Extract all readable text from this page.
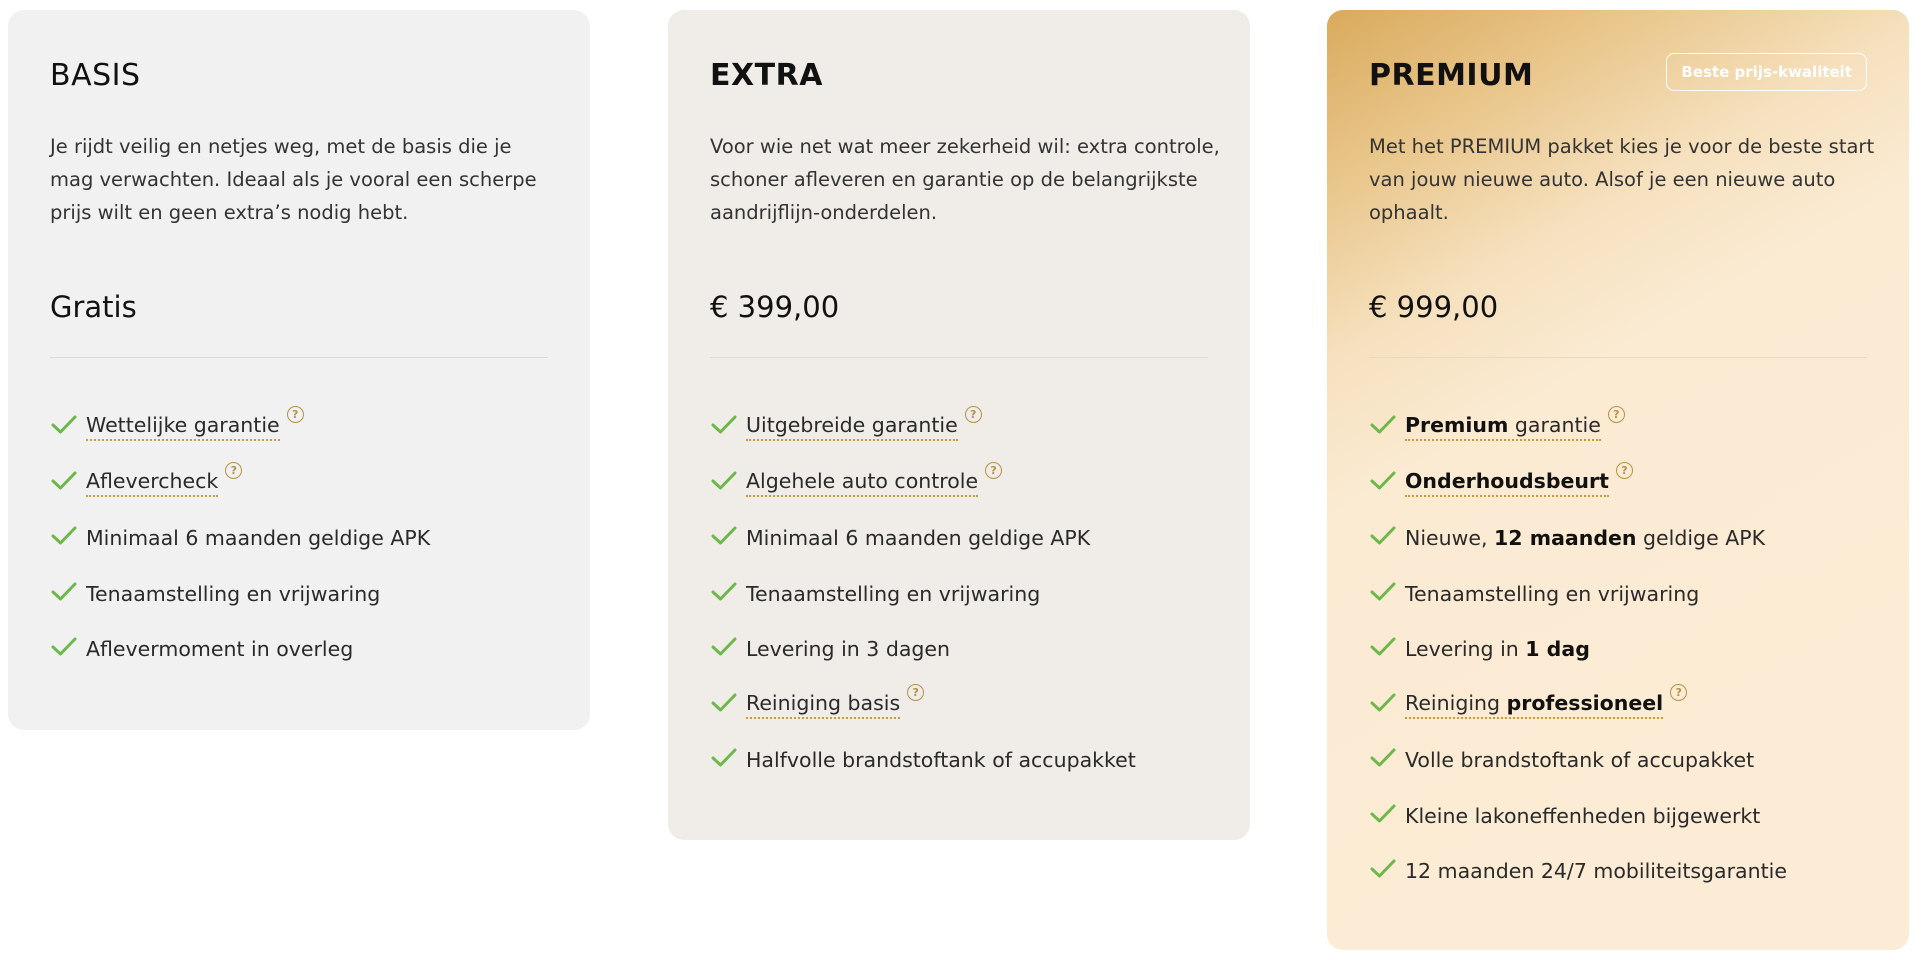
BASIS

Je rijdt veilig en netjes weg, met de basis die je mag verwachten. Ideaal als je vooral een scherpe prijs wilt en geen extra’s nodig hebt.

Gratis
Wettelijke garantie	?
Aflevercheck	?
Minimaal 6 maanden geldige APK
Tenaamstelling en vrijwaring
Aflevermoment in overleg
EXTRA

Voor wie net wat meer zekerheid wil: extra controle, schoner afleveren en garantie op de belangrijkste aandrijflijn-onderdelen.

€ 399,00
Uitgebreide garantie	?
Algehele auto controle	?
Minimaal 6 maanden geldige APK
Tenaamstelling en vrijwaring
Levering in 3 dagen
Reiniging basis	?
Halfvolle brandstoftank of accupakket
PREMIUM	Beste prijs-kwaliteit

Met het PREMIUM pakket kies je voor de beste start van jouw nieuwe auto. Alsof je een nieuwe auto ophaalt.

€ 999,00
Premium garantie	?
Onderhoudsbeurt	?
Nieuwe, 12 maanden geldige APK
Tenaamstelling en vrijwaring
Levering in 1 dag
Reiniging professioneel	?
Volle brandstoftank of accupakket
Kleine lakoneffenheden bijgewerkt
12 maanden 24/7 mobiliteitsgarantie
